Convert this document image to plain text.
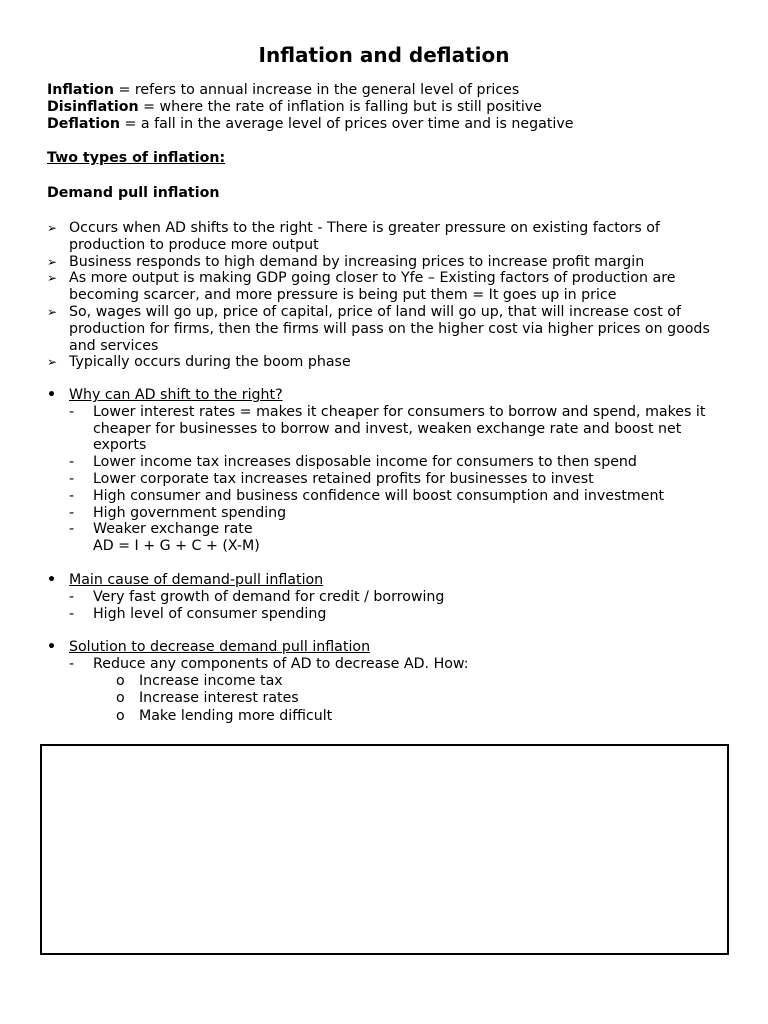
Inflation and deflation
Inflation = refers to annual increase in the general level of prices
Disinflation = where the rate of inflation is falling but is still positive
Deflation = a fall in the average level of prices over time and is negative
Two types of inflation:
Demand pull inflation
➢ Occurs when AD shifts to the right - There is greater pressure on existing factors of production to produce more output
➢ Business responds to high demand by increasing prices to increase profit margin
➢ As more output is making GDP going closer to Yfe – Existing factors of production are becoming scarcer, and more pressure is being put them = It goes up in price
➢ So, wages will go up, price of capital, price of land will go up, that will increase cost of production for firms, then the firms will pass on the higher cost via higher prices on goods and services
➢ Typically occurs during the boom phase
• Why can AD shift to the right?
- Lower interest rates = makes it cheaper for consumers to borrow and spend, makes it cheaper for businesses to borrow and invest, weaken exchange rate and boost net exports
- Lower income tax increases disposable income for consumers to then spend
- Lower corporate tax increases retained profits for businesses to invest
- High consumer and business confidence will boost consumption and investment
- High government spending
- Weaker exchange rate
AD = I + G + C + (X-M)
• Main cause of demand-pull inflation
- Very fast growth of demand for credit / borrowing
- High level of consumer spending
• Solution to decrease demand pull inflation
- Reduce any components of AD to decrease AD. How:
o Increase income tax
o Increase interest rates
o Make lending more difficult
